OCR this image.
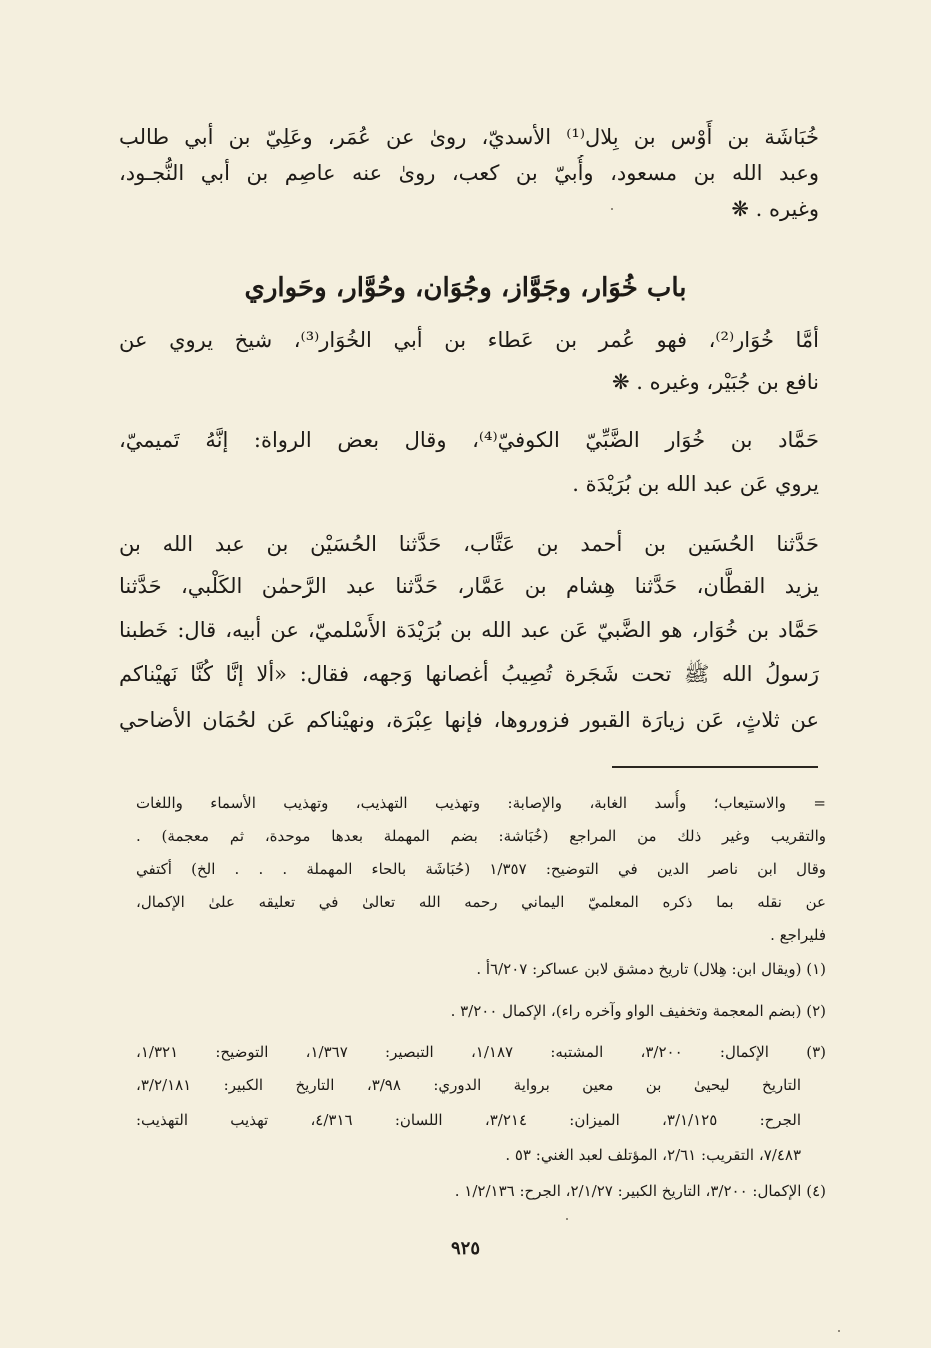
خُبَاشَة بن أَوْس بن بِلال⁽¹⁾ الأسديّ، روىٰ عن عُمَر، وعَلِيّ بن أبي طالب
وعبد الله بن مسعود، وأُبيّ بن كعب، روىٰ عنه عاصِم بن أبي النُّجـود،
وغيره . ❋
باب خُوَار، وجَوَّاز، وجُوَان، وحُوَّار، وحَواري
أمَّا خُوَار⁽²⁾، فهو عُمر بن عَطاء بن أبي الخُوَار⁽³⁾، شيخ يروي عن
نافع بن جُبَيْر، وغيره . ❋
حَمَّاد بن خُوَار الضَّبِّيّ الكوفيّ⁽⁴⁾، وقال بعض الرواة: إنَّهُ تَميميّ،
يروي عَن عبد الله بن بُرَيْدَة .
حَدَّثنا الحُسَين بن أحمد بن عَتَّاب، حَدَّثنا الحُسَيْن بن عبد الله بن
يزيد القطَّان، حَدَّثنا هِشام بن عَمَّار، حَدَّثنا عبد الرَّحمٰن الكَلْبي، حَدَّثنا
حَمَّاد بن خُوَار، هو الضَّبيّ عَن عبد الله بن بُرَيْدَة الأَسْلميّ، عن أبيه، قال: خَطبنا
رَسولُ الله ﷺ تحت شَجَرة تُصِيبُ أغصانها وَجهه، فقال: «ألا إنَّا كُنَّا نَهيْناكم
عن ثلاثٍ، عَن زيارَة القبور فزوروها، فإنها عِبْرَة، ونهيْناكم عَن لحُمَان الأضاحي
= والاستيعاب؛ وأُسد الغابة، والإصابة: وتهذيب التهذيب، وتهذيب الأسماء واللغات
والتقريب وغير ذلك من المراجع (خُبَاشة: بضم المهملة بعدها موحدة، ثم معجمة) .
وقال ابن ناصر الدين في التوضيح: ١/٣٥٧ (حُبَاشَة بالحاء المهملة . . . الخ) أكتفي
عن نقله بما ذكره المعلميّ اليماني رحمه الله تعالىٰ في تعليقه علىٰ الإكمال،
فليراجع .
(١) (ويقال ابن: هِلال) تاريخ دمشق لابن عساكر: ٦/٢٠٧أ .
(٢) (بضم المعجمة وتخفيف الواو وآخره راء)، الإكمال ٣/٢٠٠ .
(٣) الإكمال: ٣/٢٠٠، المشتبه: ١/١٨٧، التبصير: ١/٣٦٧، التوضيح: ١/٣٢١،
التاريخ ليحيىٰ بن معين برواية الدوري: ٣/٩٨، التاريخ الكبير: ٣/٢/١٨١،
الجرح: ٣/١/١٢٥، الميزان: ٣/٢١٤، اللسان: ٤/٣١٦، تهذيب التهذيب:
٧/٤٨٣، التقريب: ٢/٦١، المؤتلف لعبد الغني: ٥٣ .
(٤) الإكمال: ٣/٢٠٠، التاريخ الكبير: ٢/١/٢٧، الجرح: ١/٢/١٣٦ .
٩٢٥
